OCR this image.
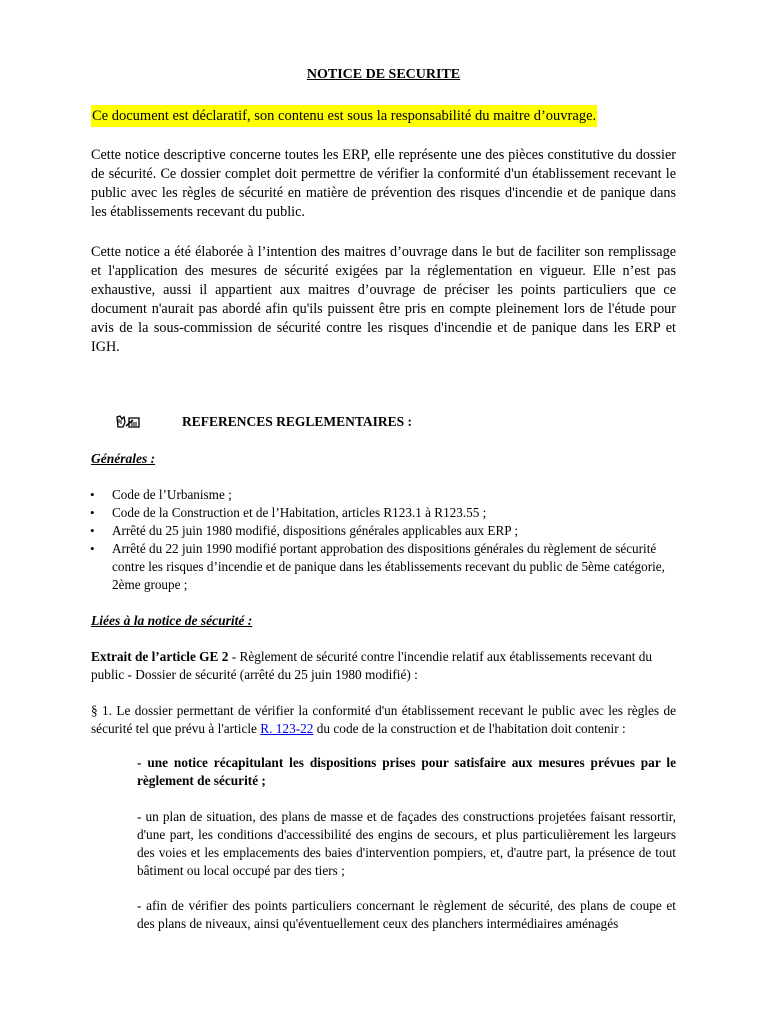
NOTICE DE SECURITE
Ce document est déclaratif, son contenu est sous la responsabilité du maitre d’ouvrage.

Cette notice descriptive concerne toutes les ERP, elle représente une des pièces constitutive du dossier de sécurité. Ce dossier complet doit permettre de vérifier la conformité d'un établissement recevant le public avec les règles de sécurité en matière de prévention des risques d'incendie et de panique dans les établissements recevant du public.

Cette notice a été élaborée à l’intention des maitres d’ouvrage dans le but de faciliter son remplissage et l'application des mesures de sécurité exigées par la réglementation en vigueur. Elle n’est pas exhaustive, aussi il appartient aux maitres d’ouvrage de préciser les points particuliers que ce document n'aurait pas abordé afin qu'ils puissent être pris en compte pleinement lors de l'étude pour avis de la sous-commission de sécurité contre les risques d'incendie et de panique dans les ERP et IGH.

REFERENCES REGLEMENTAIRES :
Générales :
• Code de l’Urbanisme ;
• Code de la Construction et de l’Habitation, articles R123.1 à R123.55 ;
• Arrêté du 25 juin 1980 modifié, dispositions générales applicables aux ERP ;
• Arrêté du 22 juin 1990 modifié portant approbation des dispositions générales du règlement de sécurité contre les risques d’incendie et de panique dans les établissements recevant du public de 5ème catégorie, 2ème groupe ;
Liées à la notice de sécurité :

Extrait de l’article GE 2 - Règlement de sécurité contre l'incendie relatif aux établissements recevant du public - Dossier de sécurité (arrêté du 25 juin 1980 modifié) :

§ 1. Le dossier permettant de vérifier la conformité d'un établissement recevant le public avec les règles de sécurité tel que prévu à l'article R. 123-22 du code de la construction et de l'habitation doit contenir :

- une notice récapitulant les dispositions prises pour satisfaire aux mesures prévues par le règlement de sécurité ;

- un plan de situation, des plans de masse et de façades des constructions projetées faisant ressortir, d'une part, les conditions d'accessibilité des engins de secours, et plus particulièrement les largeurs des voies et les emplacements des baies d'intervention pompiers, et, d'autre part, la présence de tout bâtiment ou local occupé par des tiers ;

- afin de vérifier des points particuliers concernant le règlement de sécurité, des plans de coupe et des plans de niveaux, ainsi qu'éventuellement ceux des planchers intermédiaires aménagés
